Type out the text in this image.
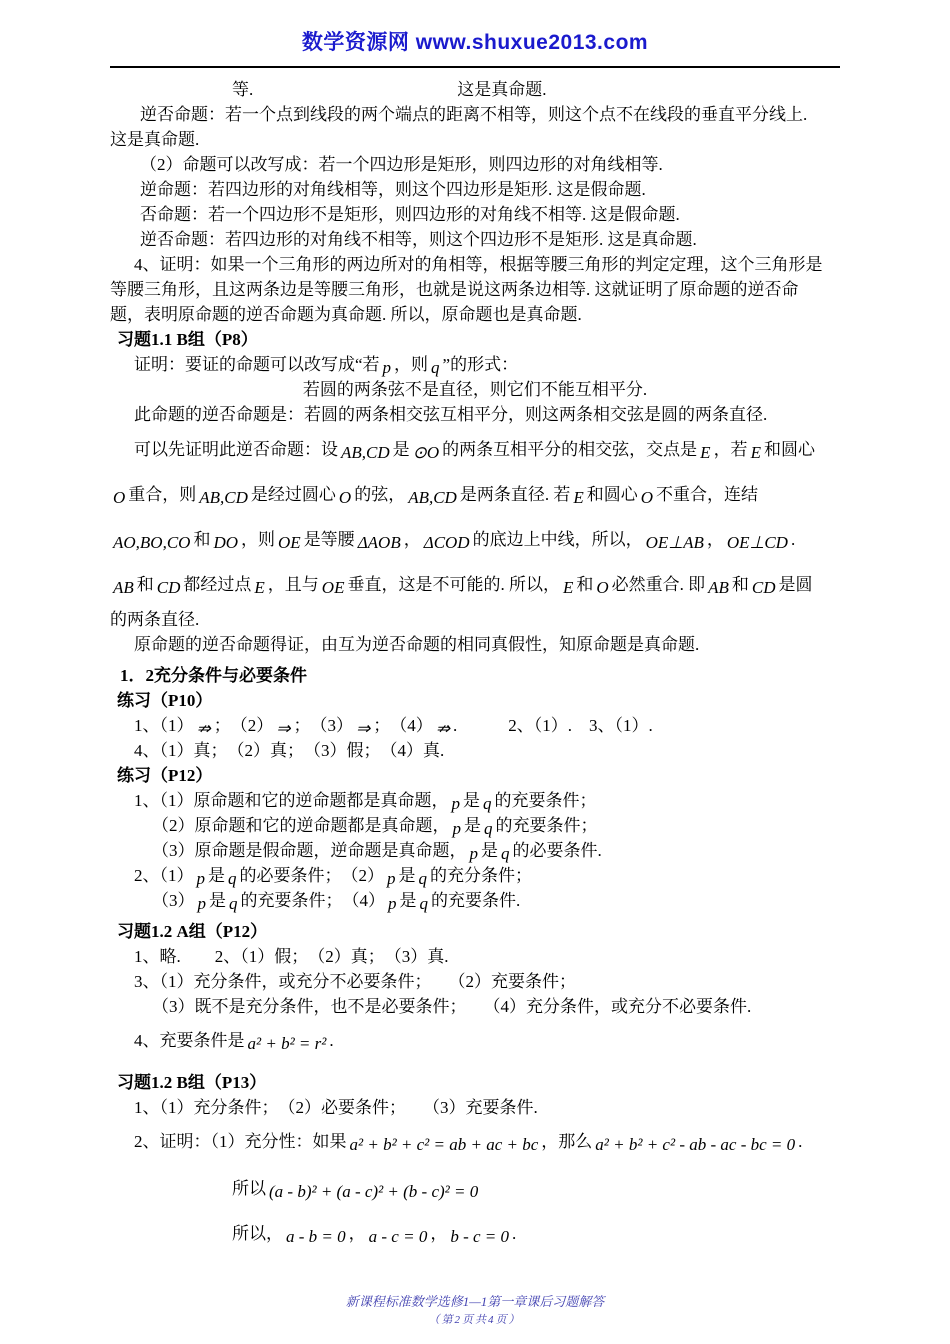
数学资源网 www.shuxue2013.com
等.　　　　　　　　　　　　这是真命题.
逆否命题：若一个点到线段的两个端点的距离不相等，则这个点不在线段的垂直平分线上.
这是真命题.
（2）命题可以改写成：若一个四边形是矩形，则四边形的对角线相等.
逆命题：若四边形的对角线相等，则这个四边形是矩形. 这是假命题.
否命题：若一个四边形不是矩形，则四边形的对角线不相等. 这是假命题.
逆否命题：若四边形的对角线不相等，则这个四边形不是矩形. 这是真命题.
4、证明：如果一个三角形的两边所对的角相等，根据等腰三角形的判定定理，这个三角形是
等腰三角形，且这两条边是等腰三角形，也就是说这两条边相等. 这就证明了原命题的逆否命
题，表明原命题的逆否命题为真命题. 所以，原命题也是真命题.
习题1.1 B组（P8）
证明：要证的命题可以改写成“若 p ，则 q ”的形式：
若圆的两条弦不是直径，则它们不能互相平分.
此命题的逆否命题是：若圆的两条相交弦互相平分，则这两条相交弦是圆的两条直径.
可以先证明此逆否命题：设 AB,CD 是 ⊙O 的两条互相平分的相交弦，交点是 E ，若 E 和圆心
O 重合，则 AB,CD 是经过圆心 O 的弦， AB,CD 是两条直径. 若 E 和圆心 O 不重合，连结
AO,BO,CO 和 DO ，则 OE 是等腰 ΔAOB ， ΔCOD 的底边上中线，所以， OE⊥AB ， OE⊥CD .
AB 和 CD 都经过点 E ，且与 OE 垂直，这是不可能的. 所以， E 和 O 必然重合. 即 AB 和 CD 是圆
的两条直径.
原命题的逆否命题得证，由互为逆否命题的相同真假性，知原命题是真命题.
1．2充分条件与必要条件
练习（P10）
1、（1） ⇏ ；　（2） ⇒ ；　（3） ⇒ ；　（4） ⇏ .　　　2、（1）.　3、（1）.
4、（1）真；　（2）真；　（3）假；　（4）真.
练习（P12）
1、（1）原命题和它的逆命题都是真命题， p 是 q 的充要条件；
（2）原命题和它的逆命题都是真命题， p 是 q 的充要条件；
（3）原命题是假命题，逆命题是真命题， p 是 q 的必要条件.
2、（1） p 是 q 的必要条件；　（2） p 是 q 的充分条件；
（3） p 是 q 的充要条件；　（4） p 是 q 的充要条件.
习题1.2 A组（P12）
1、略.　　2、（1）假；　（2）真；　（3）真.
3、（1）充分条件，或充分不必要条件；　　（2）充要条件；
（3）既不是充分条件，也不是必要条件；　　（4）充分条件，或充分不必要条件.
4、充要条件是 a² + b² = r² .
习题1.2 B组（P13）
1、（1）充分条件；　（2）必要条件；　　（3）充要条件.
2、证明：（1）充分性：如果 a² + b² + c² = ab + ac + bc ，那么 a² + b² + c² - ab - ac - bc = 0 .
所以 (a - b)² + (a - c)² + (b - c)² = 0
所以， a - b = 0 ， a - c = 0 ， b - c = 0 .
新课程标准数学选修1—1第一章课后习题解答
（第2页共4页）
